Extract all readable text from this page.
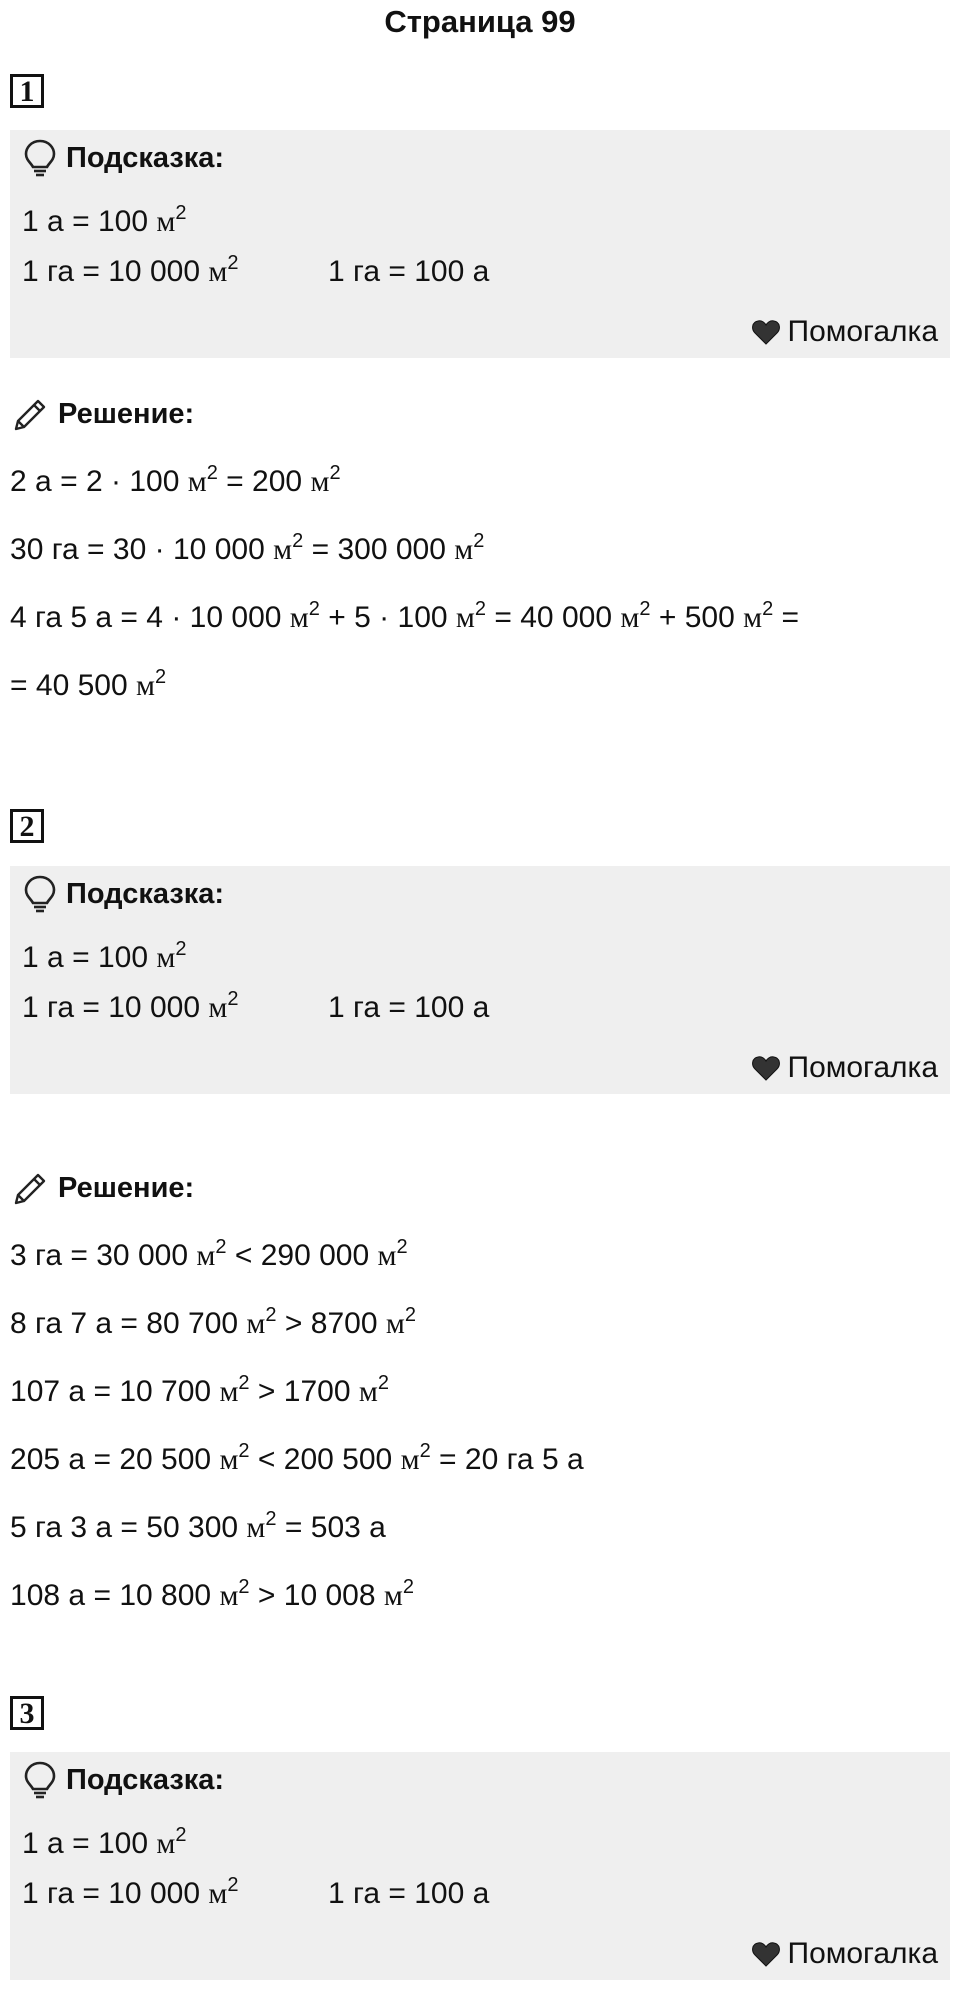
Страница 99
1
Подсказка:
1 а = 100 $м^2$
1 га = 10 000 $м^2$	1 га = 100 а
Помогалка
Решение:
2 а = 2 · 100 $м^2 = 200$ $м^2$
30 га = 30 · 10 000 $м^2 = 300$ 000 $м^2$
4 га 5 а = 4 · 10 000 $м^2 + 5 \cdot 100$ $м^2 = 40$ 000 $м^2 + 500$ $м^2$ =
= 40 500 $м^2$
2
Подсказка:
1 а = 100 $м^2$
1 га = 10 000 $м^2$	1 га = 100 а
Помогалка
Решение:
3 га = 30 000 $м^2 < 290$ 000 $м^2$
8 га 7 а = 80 700 $м^2 > 8700$ $м^2$
107 а = 10 700 $м^2 > 1700$ $м^2$
205 а = 20 500 $м^2 < 200$ 500 $м^2 = 20$ га 5 а
5 га 3 а = 50 300 $м^2 = 503$ а
108 а = 10 800 $м^2 > 10$ 008 $м^2$
3
Подсказка:
1 а = 100 $м^2$
1 га = 10 000 $м^2$	1 га = 100 а
Помогалка
